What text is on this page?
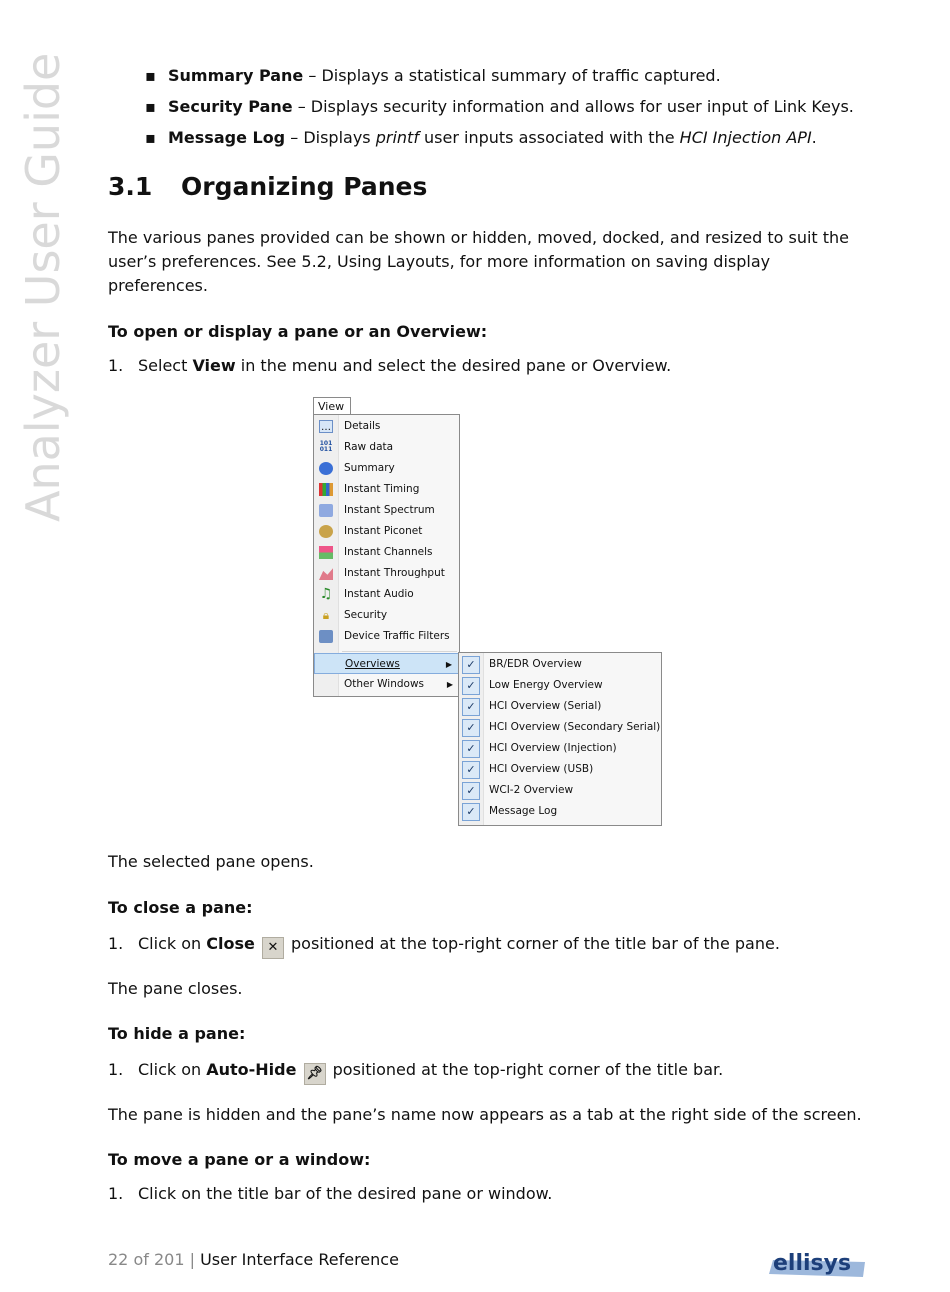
Analyzer User Guide	▪ Summary Pane – Displays a statistical summary of traffic captured.
▪ Security Pane – Displays security information and allows for user input of Link Keys.
▪ Message Log – Displays printf user inputs associated with the HCI Injection API.
3.1 Organizing Panes
The various panes provided can be shown or hidden, moved, docked, and resized to suit the
user’s preferences. See 5.2, Using Layouts, for more information on saving display
preferences.
To open or display a pane or an Overview:
1. Select View in the menu and select the desired pane or Overview.
View
… Details
101
011 Raw data
Summary
Instant Timing
Instant Spectrum
Instant Piconet
Instant Channels
Instant Throughput
♫ Instant Audio
🔒︎	Security
Device Traffic Filters
Overviews	▶
Other Windows	▶
✓	BR/EDR Overview
✓	Low Energy Overview
✓	HCI Overview (Serial)
✓	HCI Overview (Secondary Serial)
✓	HCI Overview (Injection)
✓	HCI Overview (USB)
✓	WCI-2 Overview
✓	Message Log
The selected pane opens.
To close a pane:
1. Click on Close ✕ positioned at the top-right corner of the title bar of the pane.
The pane closes.
To hide a pane:
1. Click on Auto-Hide 📌︎ positioned at the top-right corner of the title bar.
The pane is hidden and the pane’s name now appears as a tab at the right side of the screen.
To move a pane or a window:
1. Click on the title bar of the desired pane or window.
22 of 201 | User Interface Reference	ellisys
